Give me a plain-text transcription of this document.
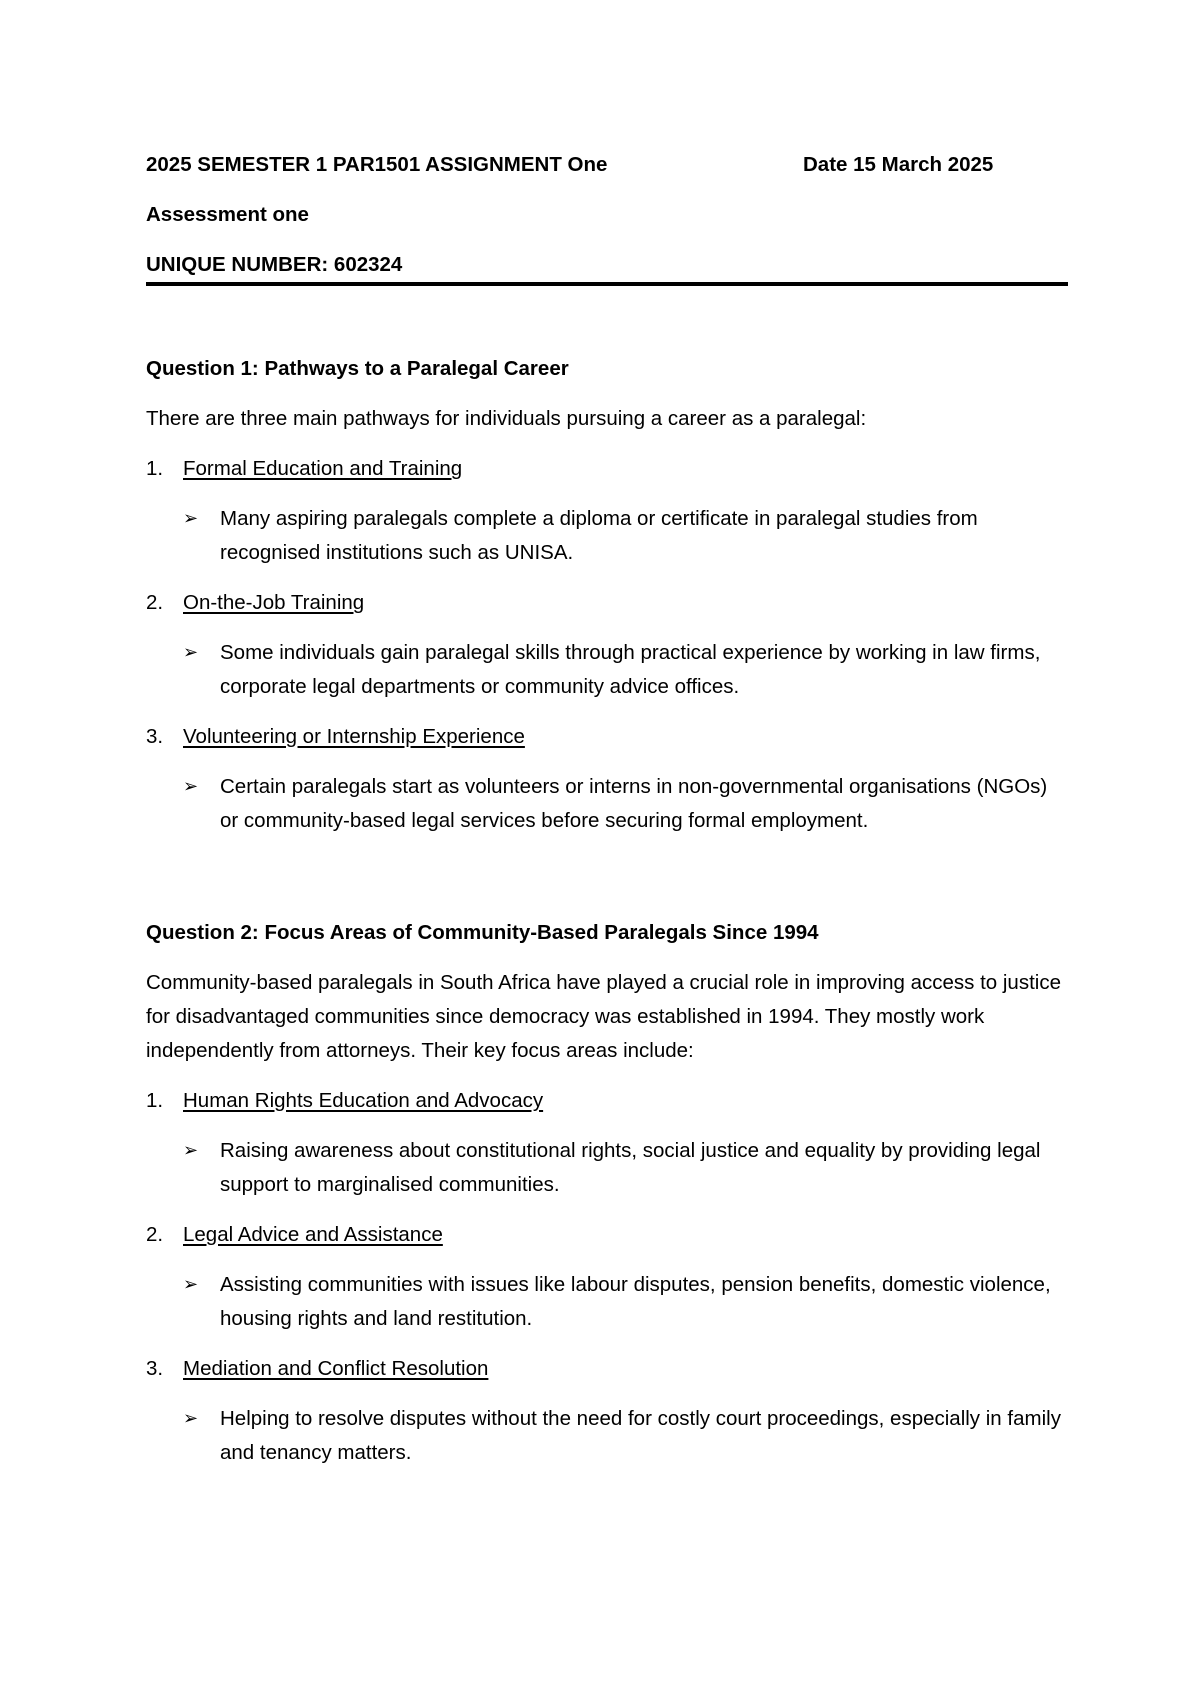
2025 SEMESTER 1 PAR1501 ASSIGNMENT One	Date 15 March 2025
Assessment one
UNIQUE NUMBER: 602324
Question 1: Pathways to a Paralegal Career
There are three main pathways for individuals pursuing a career as a paralegal:
1. Formal Education and Training
➢ Many aspiring paralegals complete a diploma or certificate in paralegal studies from recognised institutions such as UNISA.
2. On-the-Job Training
➢ Some individuals gain paralegal skills through practical experience by working in law firms, corporate legal departments or community advice offices.
3. Volunteering or Internship Experience
➢ Certain paralegals start as volunteers or interns in non-governmental organisations (NGOs) or community-based legal services before securing formal employment.
Question 2: Focus Areas of Community-Based Paralegals Since 1994
Community-based paralegals in South Africa have played a crucial role in improving access to justice for disadvantaged communities since democracy was established in 1994. They mostly work independently from attorneys. Their key focus areas include:
1. Human Rights Education and Advocacy
➢ Raising awareness about constitutional rights, social justice and equality by providing legal support to marginalised communities.
2. Legal Advice and Assistance
➢ Assisting communities with issues like labour disputes, pension benefits, domestic violence, housing rights and land restitution.
3. Mediation and Conflict Resolution
➢ Helping to resolve disputes without the need for costly court proceedings, especially in family and tenancy matters.
